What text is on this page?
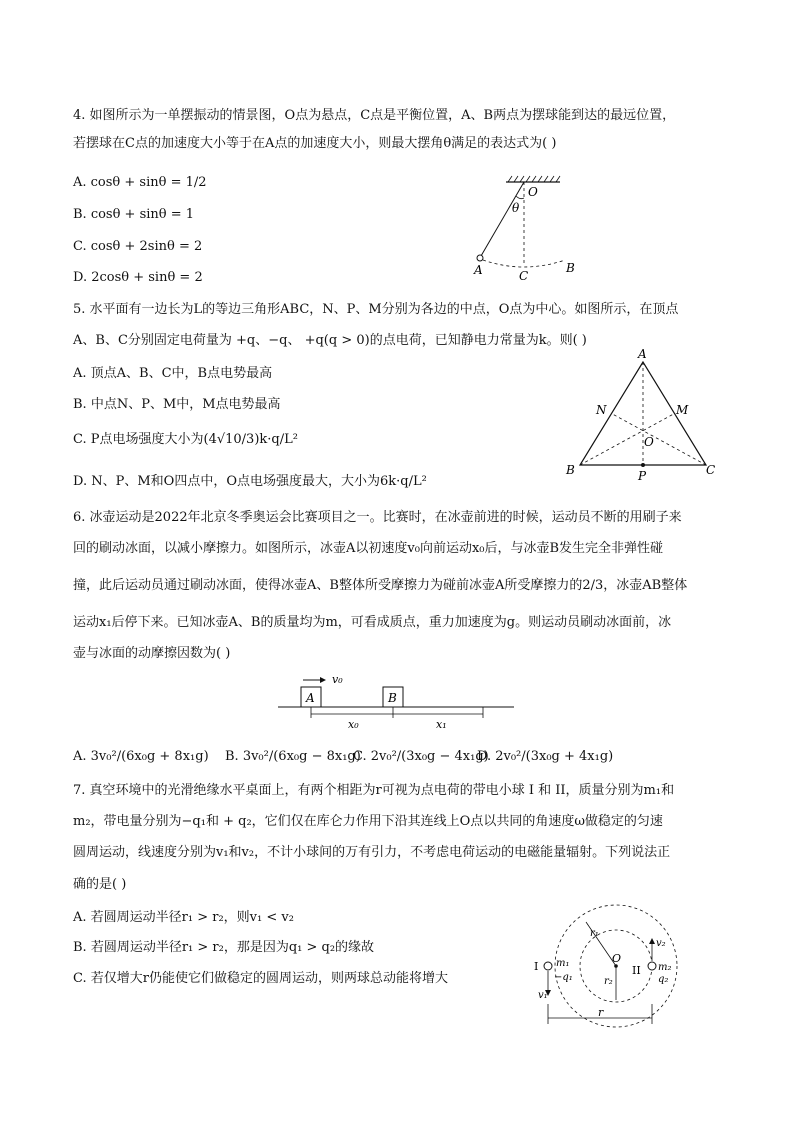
4. 如图所示为一单摆振动的情景图，O点为悬点，C点是平衡位置，A、B两点为摆球能到达的最远位置，
若摆球在C点的加速度大小等于在A点的加速度大小，则最大摆角θ满足的表达式为( )
A. cosθ + sinθ = 1/2
B. cosθ + sinθ = 1
C. cosθ + 2sinθ = 2
D. 2cosθ + sinθ = 2
O
θ
A	C
B
5. 水平面有一边长为L的等边三角形ABC，N、P、M分别为各边的中点，O点为中心。如图所示，在顶点
A、B、C分别固定电荷量为 +q、−q、 +q(q > 0)的点电荷，已知静电力常量为k。则( )
A. 顶点A、B、C中，B点电势最高
B. 中点N、P、M中，M点电势最高
C. P点电场强度大小为(4√10/3)k·q/L²
D. N、P、M和O四点中，O点电场强度最大，大小为6k·q/L²
A
B	C
N	M
O
P
6. 冰壶运动是2022年北京冬季奥运会比赛项目之一。比赛时，在冰壶前进的时候，运动员不断的用刷子来
回的刷动冰面，以减小摩擦力。如图所示，冰壶A以初速度v₀向前运动x₀后，与冰壶B发生完全非弹性碰
撞，此后运动员通过刷动冰面，使得冰壶A、B整体所受摩擦力为碰前冰壶A所受摩擦力的2/3，冰壶AB整体
运动x₁后停下来。已知冰壶A、B的质量均为m，可看成质点，重力加速度为g。则运动员刷动冰面前，冰
壶与冰面的动摩擦因数为( )
A	B
v₀
x₀	x₁
A. 3v₀²/(6x₀g + 8x₁g) B. 3v₀²/(6x₀g − 8x₁g)
C. 2v₀²/(3x₀g − 4x₁g)
D. 2v₀²/(3x₀g + 4x₁g)
7. 真空环境中的光滑绝缘水平桌面上，有两个相距为r可视为点电荷的带电小球 I 和 II，质量分别为m₁和
m₂，带电量分别为−q₁和 + q₂，它们仅在库仑力作用下沿其连线上O点以共同的角速度ω做稳定的匀速
圆周运动，线速度分别为v₁和v₂，不计小球间的万有引力，不考虑电荷运动的电磁能量辐射。下列说法正
确的是( )
A. 若圆周运动半径r₁ > r₂，则v₁ < v₂
B. 若圆周运动半径r₁ > r₂，那是因为q₁ > q₂的缘故
C. 若仅增大r仍能使它们做稳定的圆周运动，则两球总动能将增大
I	II
O
m₁
−q₁
m₂
q₂
r₁
r₂
v₁
v₂
r
